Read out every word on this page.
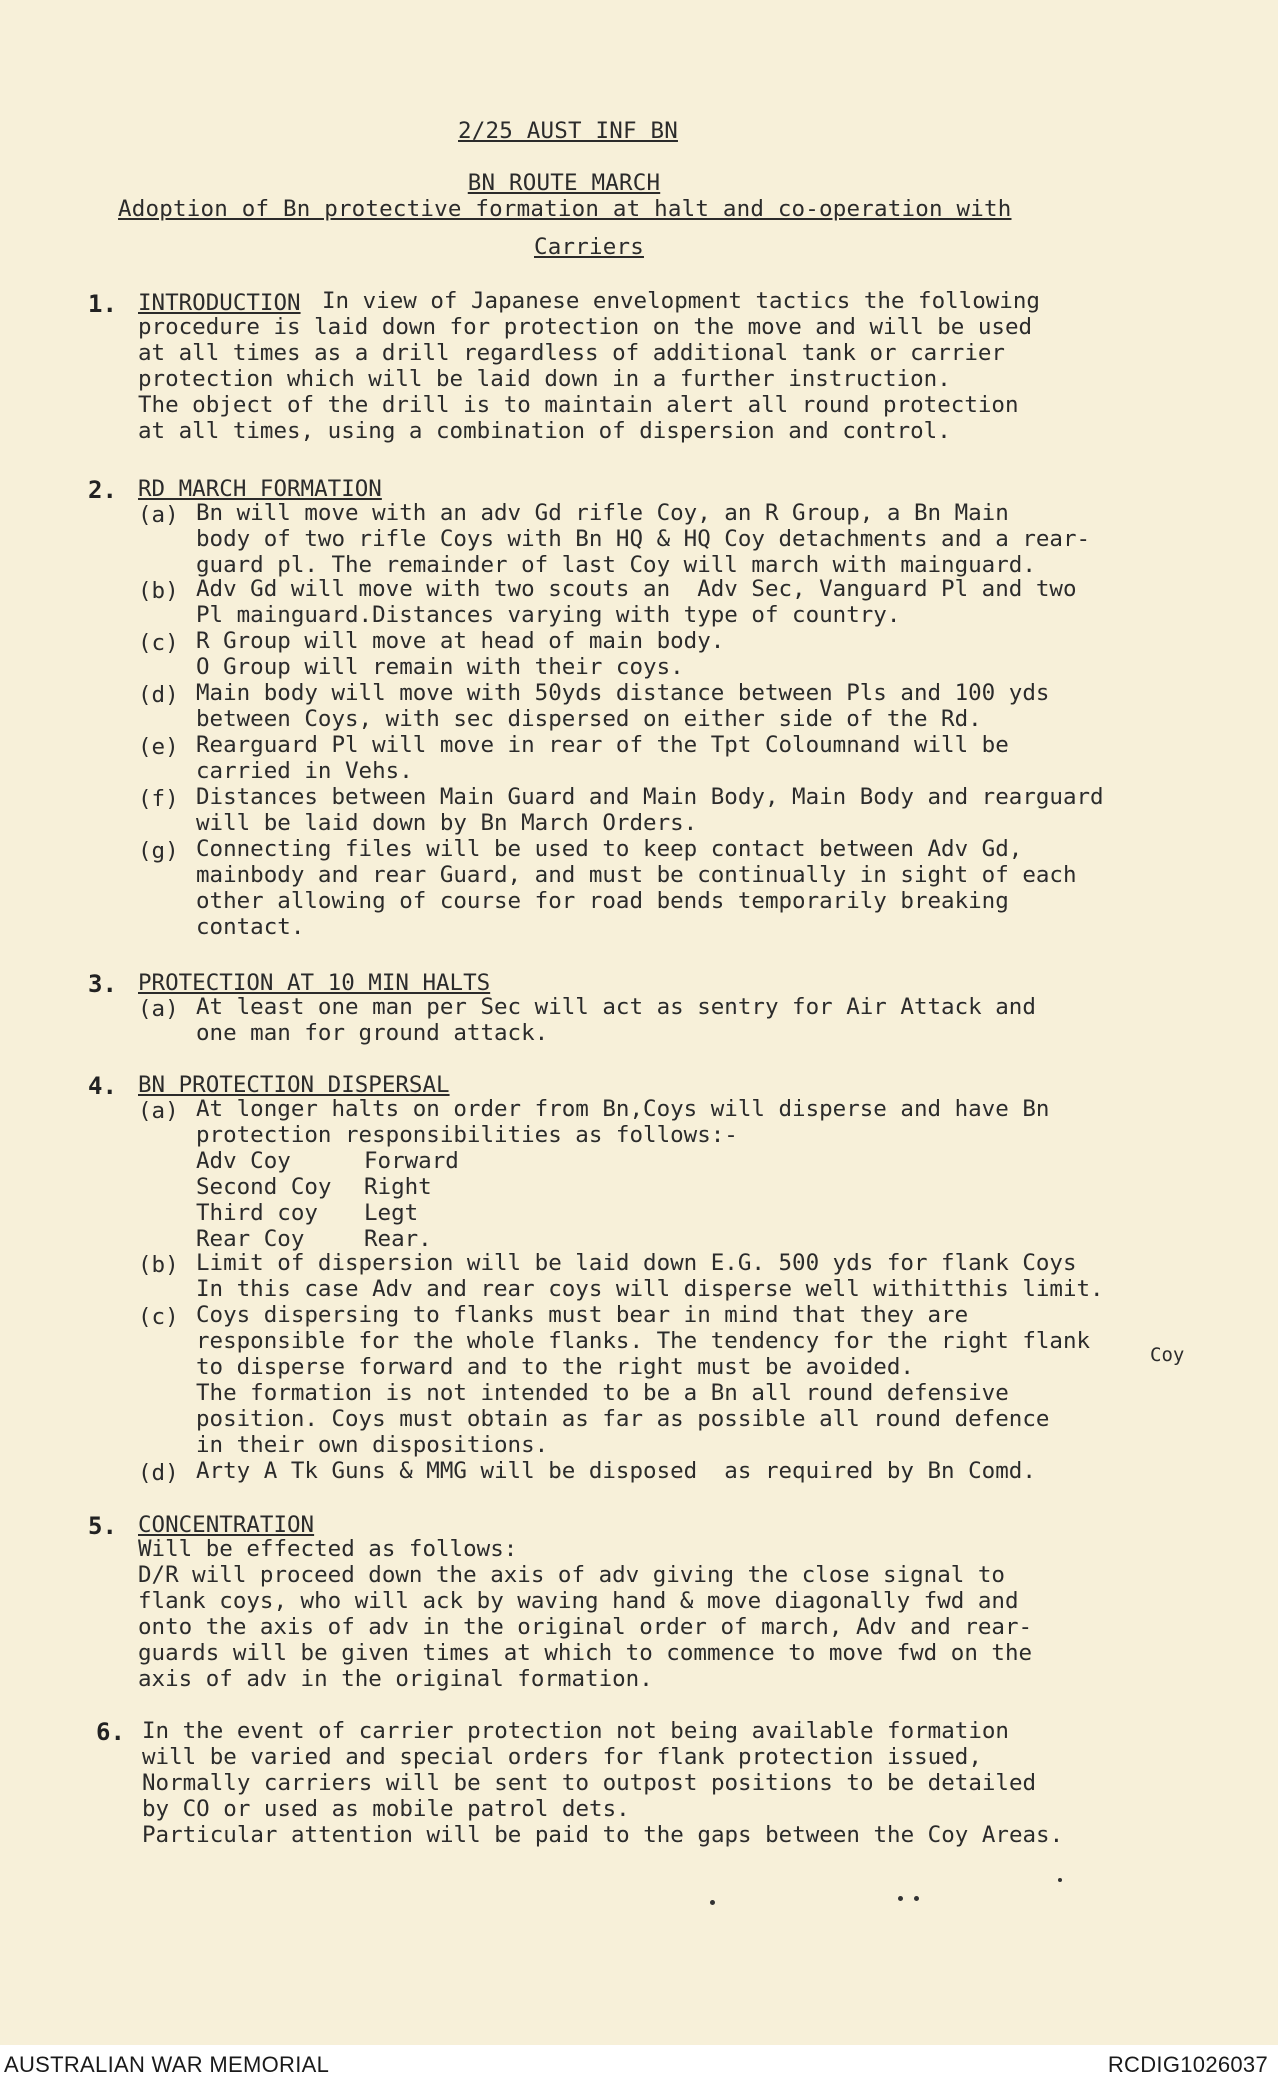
2/25 AUST INF BN
BN ROUTE MARCH
Adoption of Bn protective formation at halt and co-operation with
Carriers
1. INTRODUCTION In view of Japanese envelopment tactics the following
procedure is laid down for protection on the move and will be used
at all times as a drill regardless of additional tank or carrier
protection which will be laid down in a further instruction.
The object of the drill is to maintain alert all round protection
at all times, using a combination of dispersion and control.
2. RD MARCH FORMATION
(a) Bn will move with an adv Gd rifle Coy, an R Group, a Bn Main
body of two rifle Coys with Bn HQ & HQ Coy detachments and a rear-
guard pl. The remainder of last Coy will march with mainguard.
(b) Adv Gd will move with two scouts an  Adv Sec, Vanguard Pl and two
Pl mainguard.Distances varying with type of country.
(c) R Group will move at head of main body.
O Group will remain with their coys.
(d) Main body will move with 50yds distance between Pls and 100 yds
between Coys, with sec dispersed on either side of the Rd.
(e) Rearguard Pl will move in rear of the Tpt Coloumnand will be
carried in Vehs.
(f) Distances between Main Guard and Main Body, Main Body and rearguard
will be laid down by Bn March Orders.
(g) Connecting files will be used to keep contact between Adv Gd,
mainbody and rear Guard, and must be continually in sight of each
other allowing of course for road bends temporarily breaking
contact.
3. PROTECTION AT 10 MIN HALTS
(a) At least one man per Sec will act as sentry for Air Attack and
one man for ground attack.
4. BN PROTECTION DISPERSAL
(a) At longer halts on order from Bn,Coys will disperse and have Bn
protection responsibilities as follows:-
Adv Coy	Forward
Second Coy Right
Third coy Legt
Rear Coy	Rear.
(b) Limit of dispersion will be laid down E.G. 500 yds for flank Coys
In this case Adv and rear coys will disperse well withitthis limit.
(c) Coys dispersing to flanks must bear in mind that they are
responsible for the whole flanks. The tendency for the right flank
Coy
to disperse forward and to the right must be avoided.
The formation is not intended to be a Bn all round defensive
position. Coys must obtain as far as possible all round defence
in their own dispositions.
(d) Arty A Tk Guns & MMG will be disposed  as required by Bn Comd.
5. CONCENTRATION
Will be effected as follows:
D/R will proceed down the axis of adv giving the close signal to
flank coys, who will ack by waving hand & move diagonally fwd and
onto the axis of adv in the original order of march, Adv and rear-
guards will be given times at which to commence to move fwd on the
axis of adv in the original formation.
6. In the event of carrier protection not being available formation
will be varied and special orders for flank protection issued,
Normally carriers will be sent to outpost positions to be detailed
by CO or used as mobile patrol dets.
Particular attention will be paid to the gaps between the Coy Areas.
AUSTRALIAN WAR MEMORIAL	RCDIG1026037
